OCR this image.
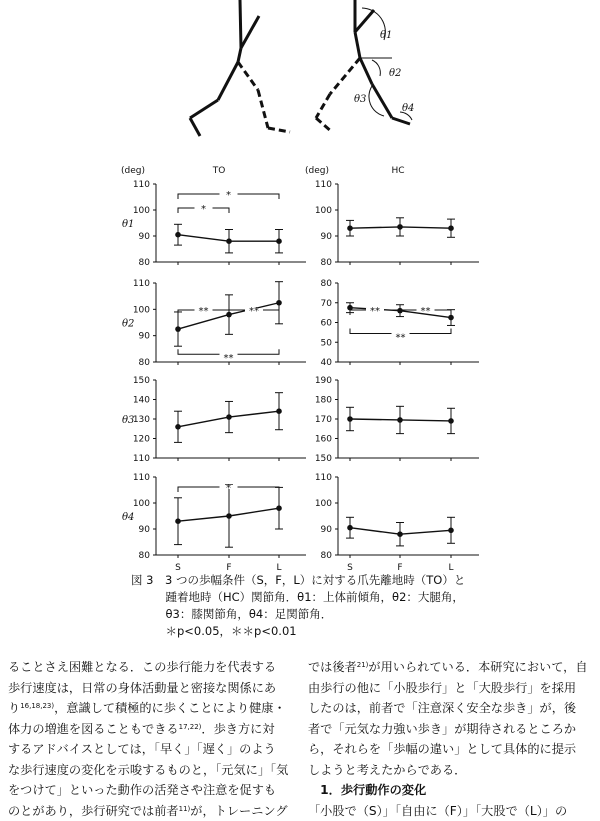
θ1
θ2
θ3
θ4
(deg)	TO	(deg)	HC
80
90
100
110
θ1
*
*
80
90
100
110
θ2
**	**
**
110
120
130
140
150
θ3
80
90
100
110
θ4
*
80
90
100
110
40
50
60
70
80
**	**
**
150
160
170
180
190
80
90
100
110
S	F	L	S	F	L
図 3　3 つの歩幅条件（S，F，L）に対する爪先離地時（TO）と
　　　踵着地時（HC）関節角．θ1：上体前傾角，θ2：大腿角，
　　　θ3：膝関節角，θ4：足関節角．
　　　＊p<0.05，＊＊p<0.01

ることさえ困難となる．この歩行能力を代表する

歩行速度は，日常の身体活動量と密接な関係にあ

り$^{16,18,23)}$，意識して積極的に歩くことにより健康・

体力の増進を図ることもできる$^{17,22)}$．歩き方に対

するアドバイスとしては，「早く」「遅く」のよう

な歩行速度の変化を示唆するものと，「元気に」「気

をつけて」といった動作の活発さや注意を促すも

のとがあり，歩行研究では前者$^{11)}$が，トレーニング

では後者$^{21)}$が用いられている．本研究において，自

由歩行の他に「小股歩行」と「大股歩行」を採用

したのは，前者で「注意深く安全な歩き」が，後

者で「元気な力強い歩き」が期待されるところか

ら，それらを「歩幅の違い」として具体的に提示

しようと考えたからである．

　1．歩行動作の変化

「小股で（S）」「自由に（F）」「大股で（L）」の
